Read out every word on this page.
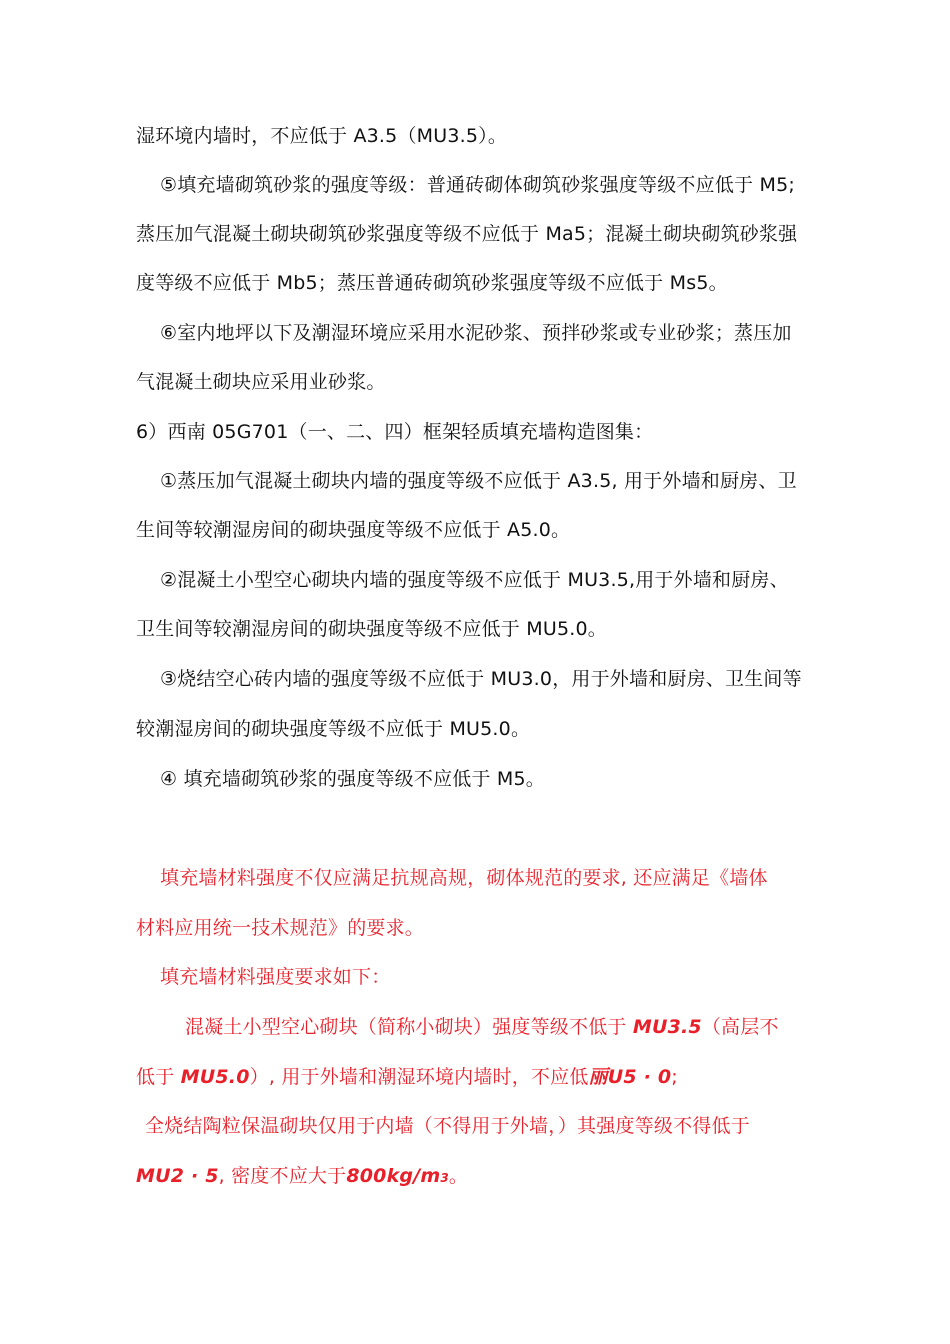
湿环境内墙时，不应低于 A3.5（MU3.5）。
⑤填充墙砌筑砂浆的强度等级：普通砖砌体砌筑砂浆强度等级不应低于 M5;
蒸压加气混凝土砌块砌筑砂浆强度等级不应低于 Ma5；混凝土砌块砌筑砂浆强
度等级不应低于 Mb5；蒸压普通砖砌筑砂浆强度等级不应低于 Ms5。
⑥室内地坪以下及潮湿环境应采用水泥砂浆、预拌砂浆或专业砂浆；蒸压加
气混凝土砌块应采用业砂浆。
6）西南 05G701（一、二、四）框架轻质填充墙构造图集：
①蒸压加气混凝土砌块内墙的强度等级不应低于 A3.5, 用于外墙和厨房、卫
生间等较潮湿房间的砌块强度等级不应低于 A5.0。
②混凝土小型空心砌块内墙的强度等级不应低于 MU3.5,用于外墙和厨房、
卫生间等较潮湿房间的砌块强度等级不应低于 MU5.0。
③烧结空心砖内墙的强度等级不应低于 MU3.0，用于外墙和厨房、卫生间等
较潮湿房间的砌块强度等级不应低于 MU5.0。
④ 填充墙砌筑砂浆的强度等级不应低于 M5。
填充墙材料强度不仅应满足抗规高规，砌体规范的要求, 还应满足《墙体
材料应用统一技术规范》的要求。
填充墙材料强度要求如下：
混凝土小型空心砌块（简称小砌块）强度等级不低于 MU3.5（高层不
低于 MU5.0）, 用于外墙和潮湿环境内墙时，不应低丽U5 · 0;
全烧结陶粒保温砌块仅用于内墙（不得用于外墙，）其强度等级不得低于
MU2 · 5, 密度不应大于800kg/m3。
